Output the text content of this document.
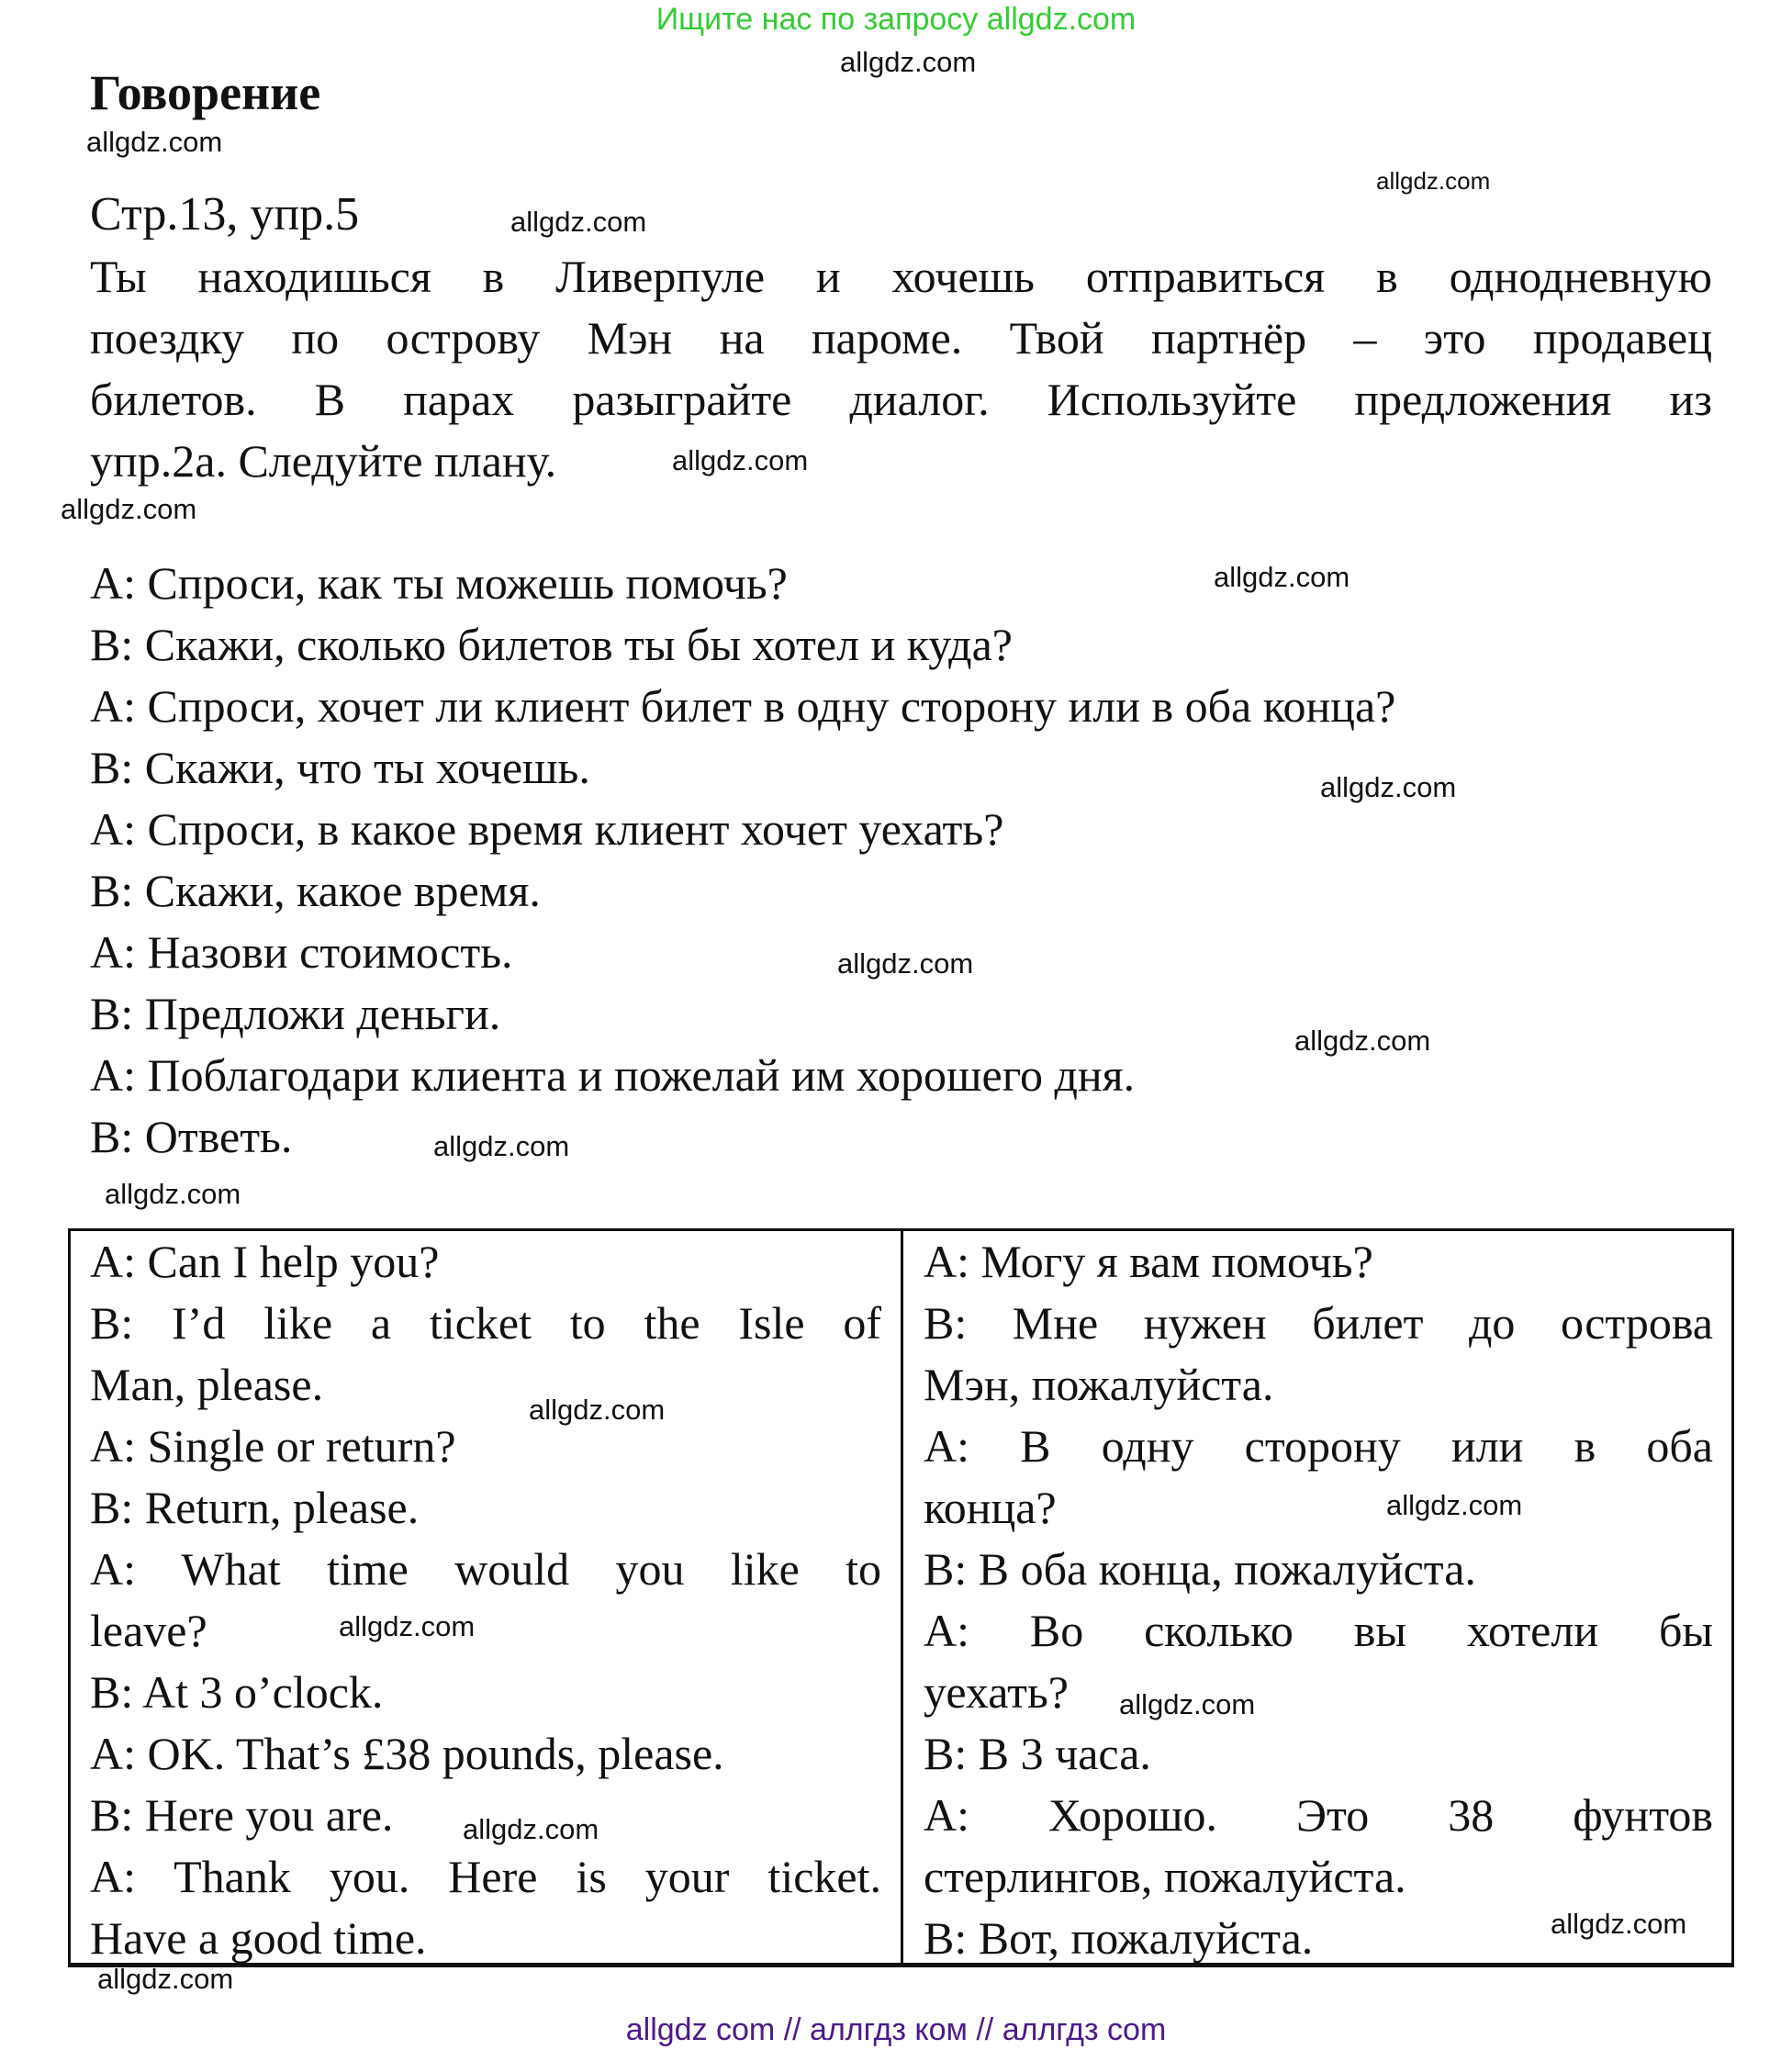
Ищите нас по запросу allgdz.com
Говорение
Стр.13, упр.5
Ты находишься в Ливерпуле и хочешь отправиться в однодневную
поездку по острову Мэн на пароме. Твой партнёр – это продавец
билетов. В парах разыграйте диалог. Используйте предложения из
упр.2а. Следуйте плану.
A: Спроси, как ты можешь помочь?
B: Скажи, сколько билетов ты бы хотел и куда?
A: Спроси, хочет ли клиент билет в одну сторону или в оба конца?
B: Скажи, что ты хочешь.
A: Спроси, в какое время клиент хочет уехать?
B: Скажи, какое время.
A: Назови стоимость.
B: Предложи деньги.
A: Поблагодари клиента и пожелай им хорошего дня.
B: Ответь.
A: Can I help you?
B: I’d like a ticket to the Isle of
Man, please.
A: Single or return?
B: Return, please.
A: What time would you like to
leave?
B: At 3 o’clock.
A: OK. That’s £38 pounds, please.
B: Here you are.
A: Thank you. Here is your ticket.
Have a good time.
A: Могу я вам помочь?
B: Мне нужен билет до острова
Мэн, пожалуйста.
A: В одну сторону или в оба
конца?
B: В оба конца, пожалуйста.
A: Во сколько вы хотели бы
уехать?
B: В 3 часа.
A: Хорошо. Это 38 фунтов
стерлингов, пожалуйста.
B: Вот, пожалуйста.
allgdz.com
allgdz.com
allgdz.com
allgdz.com
allgdz.com
allgdz.com
allgdz.com
allgdz.com
allgdz.com
allgdz.com
allgdz.com
allgdz.com
allgdz.com
allgdz.com
allgdz.com
allgdz.com
allgdz.com
allgdz.com
allgdz.com
allgdz com // аллгдз ком // аллгдз com
